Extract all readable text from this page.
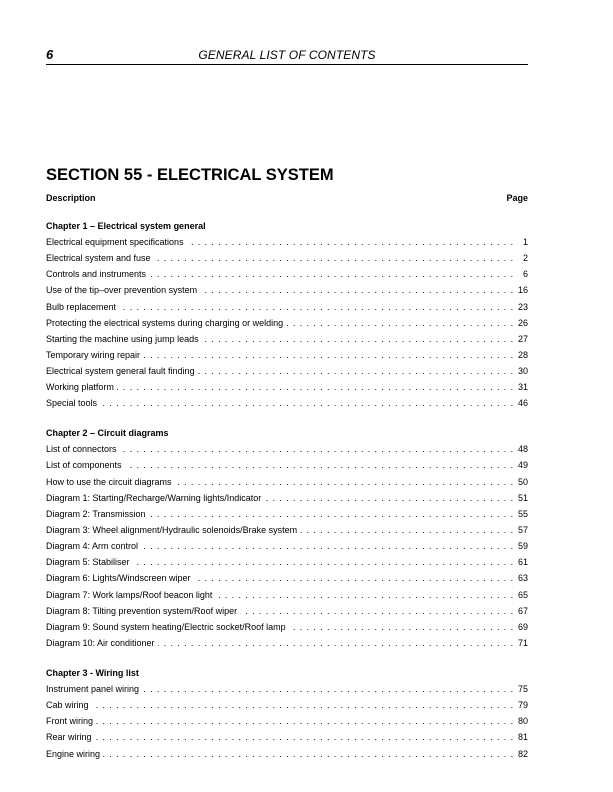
6	GENERAL LIST OF CONTENTS
SECTION 55 - ELECTRICAL SYSTEM
Description	Page
Chapter 1 – Electrical system general
Electrical equipment specifications . . .	1
Electrical system and fuse . . .	2
Controls and instruments . . .	6
Use of the tip–over prevention system . . .	16
Bulb replacement . . .	23
Protecting the electrical systems during charging or welding . . .	26
Starting the machine using jump leads . . .	27
Temporary wiring repair . . .	28
Electrical system general fault finding . . .	30
Working platform . . .	31
Special tools . . .	46
Chapter 2 – Circuit diagrams
List of connectors . . .	48
List of components . . .	49
How to use the circuit diagrams . . .	50
Diagram 1: Starting/Recharge/Warning lights/Indicator . . .	51
Diagram 2: Transmission . . .	55
Diagram 3: Wheel alignment/Hydraulic solenoids/Brake system . . .	57
Diagram 4: Arm control . . .	59
Diagram 5: Stabiliser . . .	61
Diagram 6: Lights/Windscreen wiper . . .	63
Diagram 7: Work lamps/Roof beacon light . . .	65
Diagram 8: Tilting prevention system/Roof wiper . . .	67
Diagram 9: Sound system heating/Electric socket/Roof lamp . . .	69
Diagram 10: Air conditioner . . .	71
Chapter 3 - Wiring list
Instrument panel wiring . . .	75
Cab wiring . . .	79
Front wiring . . .	80
Rear wiring . . .	81
Engine wiring . . .	82
